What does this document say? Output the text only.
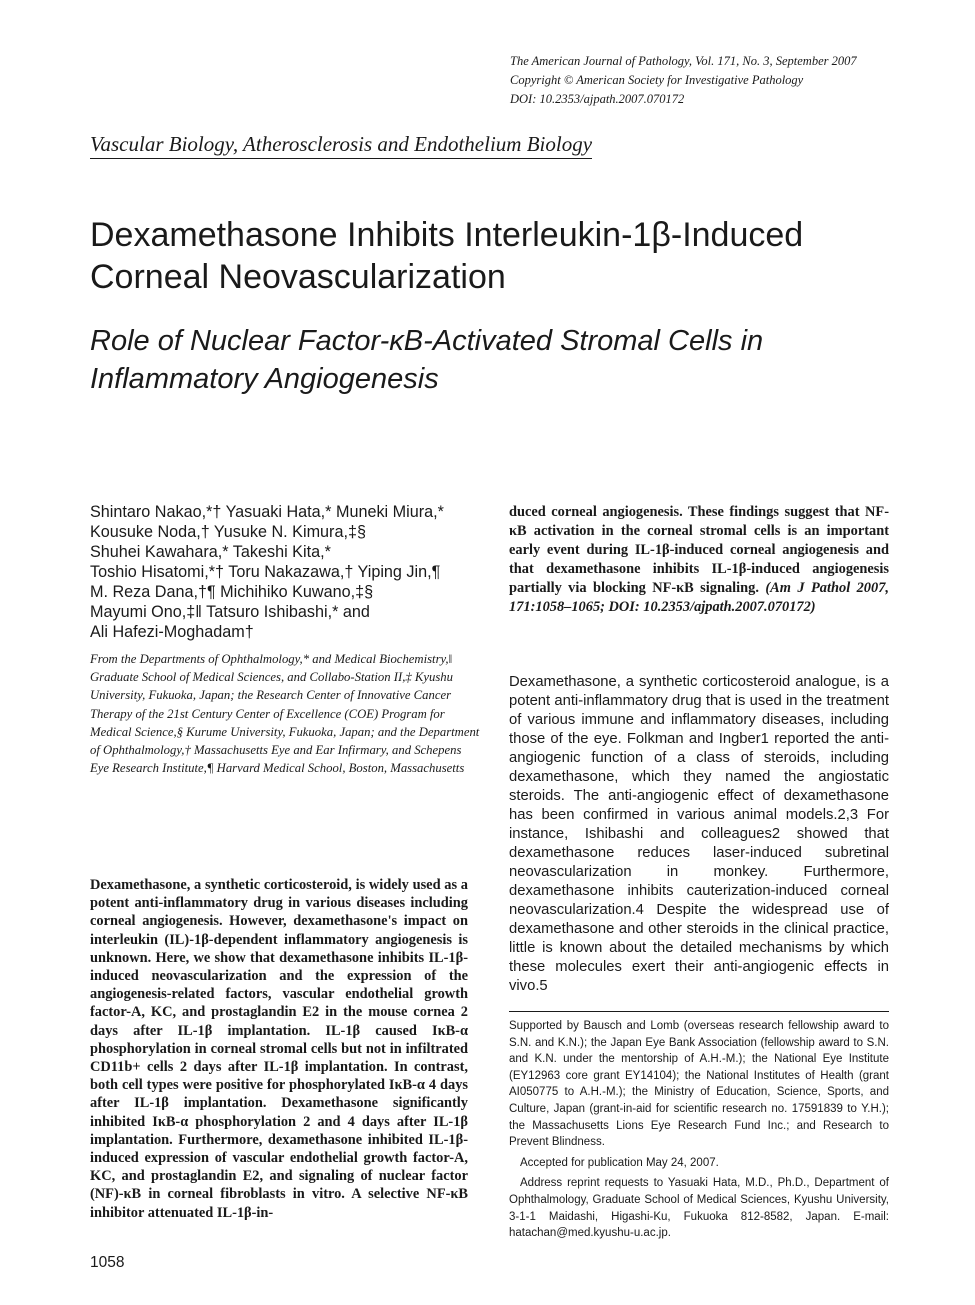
The American Journal of Pathology, Vol. 171, No. 3, September 2007
Copyright © American Society for Investigative Pathology
DOI: 10.2353/ajpath.2007.070172
Vascular Biology, Atherosclerosis and Endothelium Biology
Dexamethasone Inhibits Interleukin-1β-Induced
Corneal Neovascularization
Role of Nuclear Factor-κB-Activated Stromal Cells in
Inflammatory Angiogenesis
Shintaro Nakao,*† Yasuaki Hata,* Muneki Miura,*
Kousuke Noda,† Yusuke N. Kimura,‡§
Shuhei Kawahara,* Takeshi Kita,*
Toshio Hisatomi,*† Toru Nakazawa,† Yiping Jin,¶
M. Reza Dana,†¶ Michihiko Kuwano,‡§
Mayumi Ono,‡‖ Tatsuro Ishibashi,* and
Ali Hafezi-Moghadam†
From the Departments of Ophthalmology,* and Medical Biochemistry,‖ Graduate School of Medical Sciences, and Collabo-Station II,‡ Kyushu University, Fukuoka, Japan; the Research Center of Innovative Cancer Therapy of the 21st Century Center of Excellence (COE) Program for Medical Science,§ Kurume University, Fukuoka, Japan; and the Department of Ophthalmology,† Massachusetts Eye and Ear Infirmary, and Schepens Eye Research Institute,¶ Harvard Medical School, Boston, Massachusetts

Dexamethasone, a synthetic corticosteroid, is widely used as a potent anti-inflammatory drug in various diseases including corneal angiogenesis. However, dexamethasone's impact on interleukin (IL)-1β-dependent inflammatory angiogenesis is unknown. Here, we show that dexamethasone inhibits IL-1β-induced neovascularization and the expression of the angiogenesis-related factors, vascular endothelial growth factor-A, KC, and prostaglandin E2 in the mouse cornea 2 days after IL-1β implantation. IL-1β caused IκB-α phosphorylation in corneal stromal cells but not in infiltrated CD11b+ cells 2 days after IL-1β implantation. In contrast, both cell types were positive for phosphorylated IκB-α 4 days after IL-1β implantation. Dexamethasone significantly inhibited IκB-α phosphorylation 2 and 4 days after IL-1β implantation. Furthermore, dexamethasone inhibited IL-1β-induced expression of vascular endothelial growth factor-A, KC, and prostaglandin E2, and signaling of nuclear factor (NF)-κB in corneal fibroblasts in vitro. A selective NF-κB inhibitor attenuated IL-1β-in-

duced corneal angiogenesis. These findings suggest that NF-κB activation in the corneal stromal cells is an important early event during IL-1β-induced corneal angiogenesis and that dexamethasone inhibits IL-1β-induced angiogenesis partially via blocking NF-κB signaling. (Am J Pathol 2007, 171:1058–1065; DOI: 10.2353/ajpath.2007.070172)

Dexamethasone, a synthetic corticosteroid analogue, is a potent anti-inflammatory drug that is used in the treatment of various immune and inflammatory diseases, including those of the eye. Folkman and Ingber1 reported the anti-angiogenic function of a class of steroids, including dexamethasone, which they named the angiostatic steroids. The anti-angiogenic effect of dexamethasone has been confirmed in various animal models.2,3 For instance, Ishibashi and colleagues2 showed that dexamethasone reduces laser-induced subretinal neovascularization in monkey. Furthermore, dexamethasone inhibits cauterization-induced corneal neovascularization.4 Despite the widespread use of dexamethasone and other steroids in the clinical practice, little is known about the detailed mechanisms by which these molecules exert their anti-angiogenic effects in vivo.5

Supported by Bausch and Lomb (overseas research fellowship award to S.N. and K.N.); the Japan Eye Bank Association (fellowship award to S.N. and K.N. under the mentorship of A.H.-M.); the National Eye Institute (EY12963 core grant EY14104); the National Institutes of Health (grant AI050775 to A.H.-M.); the Ministry of Education, Science, Sports, and Culture, Japan (grant-in-aid for scientific research no. 17591839 to Y.H.); the Massachusetts Lions Eye Research Fund Inc.; and Research to Prevent Blindness.

Accepted for publication May 24, 2007.

Address reprint requests to Yasuaki Hata, M.D., Ph.D., Department of Ophthalmology, Graduate School of Medical Sciences, Kyushu University, 3-1-1 Maidashi, Higashi-Ku, Fukuoka 812-8582, Japan. E-mail: hatachan@med.kyushu-u.ac.jp.

1058
